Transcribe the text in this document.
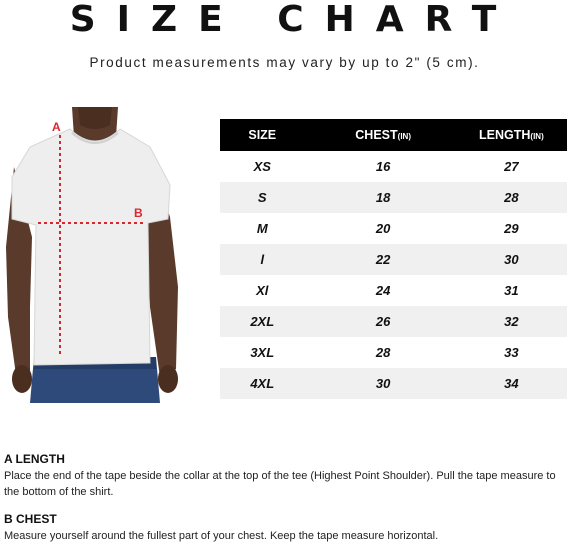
SIZE CHART
Product measurements may vary by up to 2" (5 cm).
A
B
SIZE	CHEST(IN)	LENGTH(IN)
XS	16	27
S	18	28
M	20	29
l	22	30
Xl	24	31
2XL	26	32
3XL	28	33
4XL	30	34
A LENGTH
Place the end of the tape beside the collar at the top of the tee (Highest Point Shoulder). Pull the tape measure to the bottom of the shirt.
B CHEST
Measure yourself around the fullest part of your chest. Keep the tape measure horizontal.
